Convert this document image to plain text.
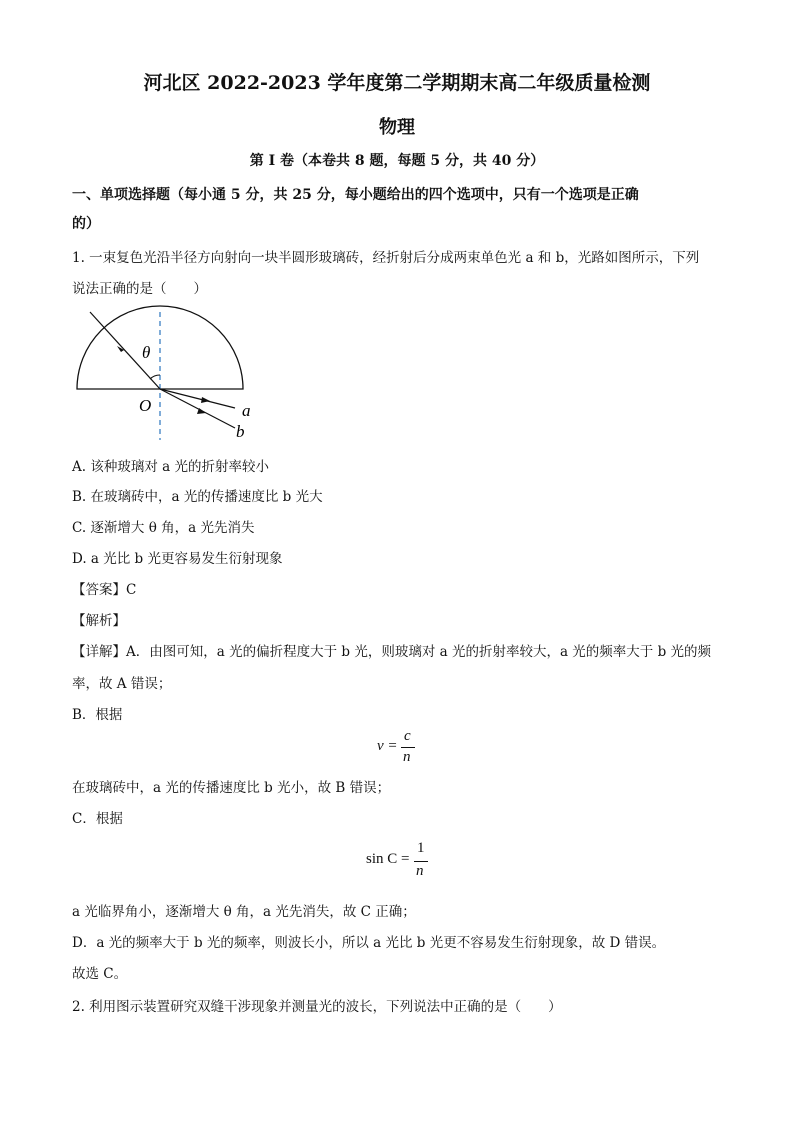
河北区 2022-2023 学年度第二学期期末高二年级质量检测
物理
第 I 卷（本卷共 8 题，每题 5 分，共 40 分）
一、单项选择题（每小通 5 分，共 25 分，每小题给出的四个选项中，只有一个选项是正确
的）
1. 一束复色光沿半径方向射向一块半圆形玻璃砖，经折射后分成两束单色光 a 和 b，光路如图所示，下列
说法正确的是（　　）
θ
O	a
b
A. 该种玻璃对 a 光的折射率较小
B. 在玻璃砖中，a 光的传播速度比 b 光大
C. 逐渐增大 θ 角，a 光先消失
D. a 光比 b 光更容易发生衍射现象
【答案】C
【解析】
【详解】A．由图可知，a 光的偏折程度大于 b 光，则玻璃对 a 光的折射率较大，a 光的频率大于 b 光的频
率，故 A 错误；
B．根据
v =
c
n
在玻璃砖中，a 光的传播速度比 b 光小，故 B 错误；
C．根据
sin C =
1
n
a 光临界角小，逐渐增大 θ 角，a 光先消失，故 C 正确；
D．a 光的频率大于 b 光的频率，则波长小，所以 a 光比 b 光更不容易发生衍射现象，故 D 错误。
故选 C。
2. 利用图示装置研究双缝干涉现象并测量光的波长，下列说法中正确的是（　　）
